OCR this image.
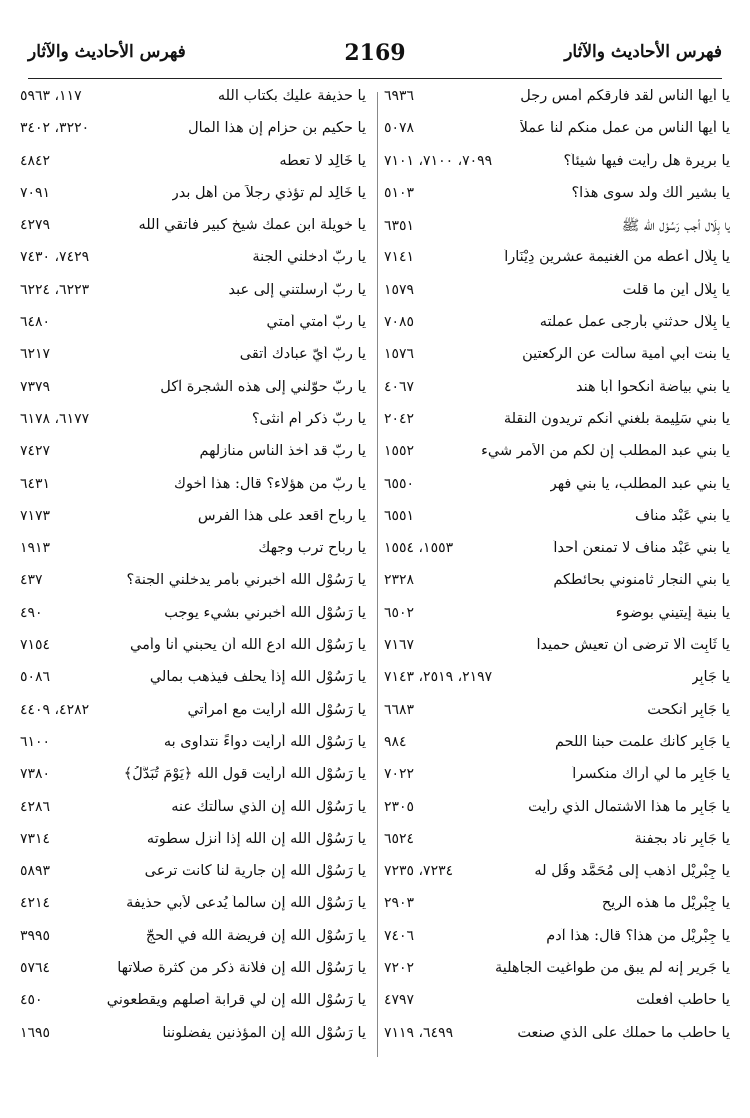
فهرس الأحاديث والآثار	2169	فهرس الأحاديث والآثار
يا أيها الناس لقد فارقكم أمس رجل
٦٩٣٦
يا أيها الناس من عمل منكم لنا عملاً
٥٠٧٨
يا بريرة هل رأيت فيها شيئاً؟
٧٠٩٩، ٧١٠٠، ٧١٠١
يا بشير ألك ولد سوى هذا؟
٥١٠٣
يا بِلَال أجب رَسُوْل الله ﷺ
٦٣٥١
يا بِلَال أعطه من الغنيمة عشرين دِيْنَاراً
٧١٤١
يا بِلَال أين ما قلت
١٥٧٩
يا بِلَال حدثني بأرجى عمل عملته
٧٠٨٥
يا بنت أبي أمية سألت عن الركعتين
١٥٧٦
يا بني بياضة أنكحوا أبا هند
٤٠٦٧
يا بني سَلِيمة بلغني أنكم تريدون النقلة
٢٠٤٢
يا بني عبد المطلب إن لكم من الأمر شيء
١٥٥٢
يا بني عبد المطلب، يا بني فهر
٦٥٥٠
يا بني عَبْد مناف
٦٥٥١
يا بني عَبْد مناف لا تمنعن أحداً
١٥٥٣، ١٥٥٤
يا بني النجار ثامنوني بحائطكم
٢٣٢٨
يا بنية إيتيني بوضوء
٦٥٠٢
يا ثَابِت ألا ترضى أن تعيش حميداً
٧١٦٧
يا جَابِر
٢١٩٧، ٢٥١٩، ٧١٤٣
يا جَابِر أنكحت
٦٦٨٣
يا جَابِر كأنك علمت حبنا اللحم
٩٨٤
يا جَابِر ما لي أراك منكسراً
٧٠٢٢
يا جَابِر ما هذا الاشتمال الذي رأيت
٢٣٠٥
يا جَابِر ناد بجفنة
٦٥٢٤
يا جِبْرِيْل اذهب إلى مُحَمَّد وقُل له
٧٢٣٤، ٧٢٣٥
يا جِبْرِيْل ما هذه الريح
٢٩٠٣
يا جِبْرِيْل من هذا؟ قال: هذا آدم
٧٤٠٦
يا جَرِير إنه لم يبق من طواغيت الجاهلية
٧٢٠٢
يا حاطب أفعلت
٤٧٩٧
يا حاطب ما حملك على الذي صنعت
٦٤٩٩، ٧١١٩
يا حذيفة عليك بكتاب الله
١١٧، ٥٩٦٣
يا حكيم بن حزام إن هذا المال
٣٢٢٠، ٣٤٠٢
يا خَالِد لا تعطه
٤٨٤٢
يا خَالِد لم تؤذي رجلاً من أهل بدر
٧٠٩١
يا خويلة ابن عمك شيخ كبير فاتقي الله
٤٢٧٩
يا ربّ أدخلني الجنة
٧٤٢٩، ٧٤٣٠
يا ربّ أرسلتني إلى عبد
٦٢٢٣، ٦٢٢٤
يا ربّ أمتي أمتي
٦٤٨٠
يا ربّ أيّ عبادك أتقى
٦٢١٧
يا ربّ حوّلني إلى هذه الشجرة آكل
٧٣٧٩
يا ربّ ذكر أم أنثى؟
٦١٧٧، ٦١٧٨
يا ربّ قد أخذ الناس منازلهم
٧٤٢٧
يا ربّ من هؤلاء؟ قال: هذا أخوك
٦٤٣١
يا رباح اقعد على هذا الفرس
٧١٧٣
يا رباح ترب وجهك
١٩١٣
يا رَسُوْل الله أخبرني بأمر يدخلني الجنة؟
٤٣٧
يا رَسُوْل الله أخبرني بشيء يوجب
٤٩٠
يا رَسُوْل الله ادع الله أن يحبني أنا وأمي
٧١٥٤
يا رَسُوْل الله إذاً يحلف فيذهب بمالي
٥٠٨٦
يا رَسُوْل الله أرأيت مع امرأتي
٤٢٨٢، ٤٤٠٩
يا رَسُوْل الله أرأيت دواءً نتداوى به
٦١٠٠
يا رَسُوْل الله أرأيت قول الله ﴿يَوْمَ تُبَدَّلُ﴾
٧٣٨٠
يا رَسُوْل الله إن الذي سألتك عنه
٤٢٨٦
يا رَسُوْل الله إن الله إذا أنزل سطوته
٧٣١٤
يا رَسُوْل الله إن جارية لنا كانت ترعى
٥٨٩٣
يا رَسُوْل الله إن سالماً يُدعى لأبي حذيفة
٤٢١٤
يا رَسُوْل الله إن فريضة الله في الحجّ
٣٩٩٥
يا رَسُوْل الله إن فلانة ذكر من كثرة صلاتها
٥٧٦٤
يا رَسُوْل الله إن لي قرابة أصلهم ويقطعوني
٤٥٠
يا رَسُوْل الله إن المؤذنين يفضلوننا
١٦٩٥
